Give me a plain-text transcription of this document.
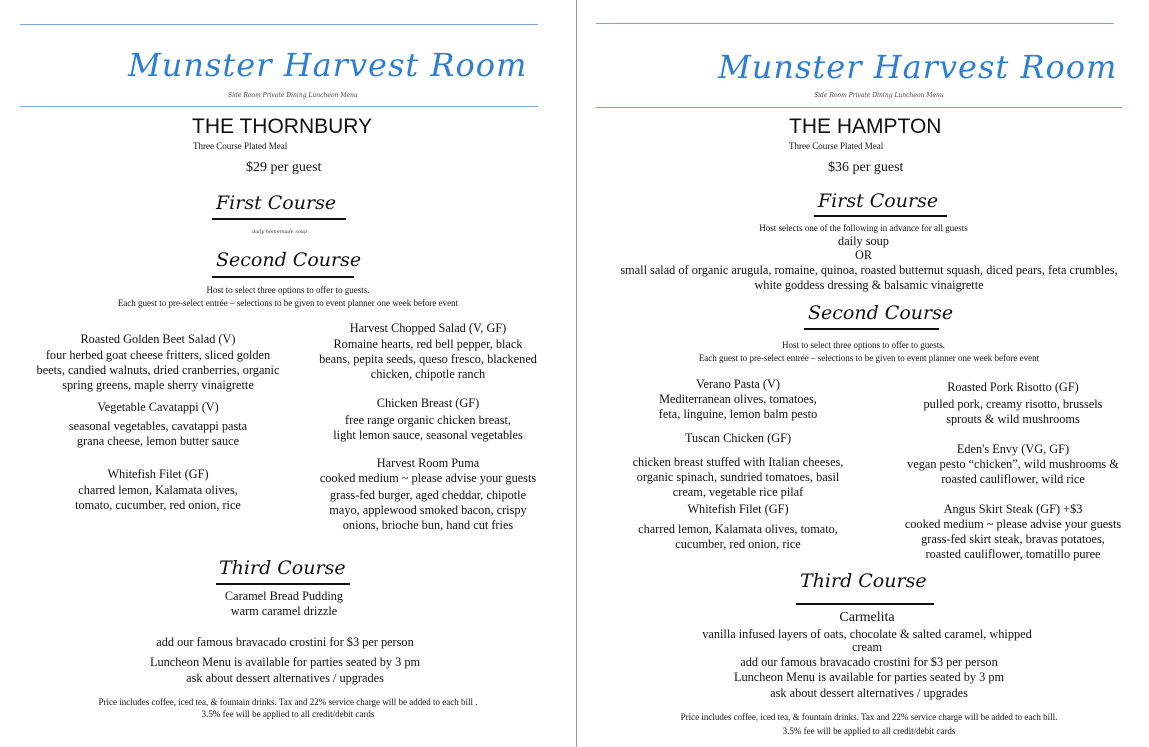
Munster Harvest Room
Side Room Private Dining Luncheon Menu
THE THORNBURY
Three Course Plated Meal
$29 per guest
First Course
daily homemade soup
Second Course
Host to select three options to offer to guests.
Each guest to pre-select entrée – selections to be given to event planner one week before event
Roasted Golden Beet Salad (V)
four herbed goat cheese fritters, sliced golden
beets, candied walnuts, dried cranberries, organic
spring greens, maple sherry vinaigrette
Vegetable Cavatappi (V)
seasonal vegetables, cavatappi pasta
grana cheese, lemon butter sauce
Whitefish Filet (GF)
charred lemon, Kalamata olives,
tomato, cucumber, red onion, rice
Harvest Chopped Salad (V, GF)
Romaine hearts, red bell pepper, black
beans, pepita seeds, queso fresco, blackened
chicken, chipotle ranch
Chicken Breast (GF)
free range organic chicken breast,
light lemon sauce, seasonal vegetables
Harvest Room Puma
cooked medium ~ please advise your guests
grass-fed burger, aged cheddar, chipotle
mayo, applewood smoked bacon, crispy
onions, brioche bun, hand cut fries
Third Course
Caramel Bread Pudding
warm caramel drizzle
add our famous bravacado crostini for $3 per person
Luncheon Menu is available for parties seated by 3 pm
ask about dessert alternatives / upgrades
Price includes coffee, iced tea, & fountain drinks. Tax and 22% service charge will be added to each bill .
3.5% fee will be applied to all credit/debit cards
Munster Harvest Room
Side Room Private Dining Luncheon Menu
THE HAMPTON
Three Course Plated Meal
$36 per guest
First Course
Host selects one of the following in advance for all guests
daily soup
OR
small salad of organic arugula, romaine, quinoa, roasted butternut squash, diced pears, feta crumbles,
white goddess dressing & balsamic vinaigrette
Second Course
Host to select three options to offer to guests.
Each guest to pre-select entrée – selections to be given to event planner one week before event
Verano Pasta (V)
Mediterranean olives, tomatoes,
feta, linguine, lemon balm pesto
Tuscan Chicken (GF)
chicken breast stuffed with Italian cheeses,
organic spinach, sundried tomatoes, basil
cream, vegetable rice pilaf
Whitefish Filet (GF)
charred lemon, Kalamata olives, tomato,
cucumber, red onion, rice
Roasted Pork Risotto (GF)
pulled pork, creamy risotto, brussels
sprouts & wild mushrooms
Eden's Envy (VG, GF)
vegan pesto “chicken”, wild mushrooms &
roasted cauliflower, wild rice
Angus Skirt Steak (GF) +$3
cooked medium ~ please advise your guests
grass-fed skirt steak, bravas potatoes,
roasted cauliflower, tomatillo puree
Third Course
Carmelita
vanilla infused layers of oats, chocolate & salted caramel, whipped
cream
add our famous bravacado crostini for $3 per person
Luncheon Menu is available for parties seated by 3 pm
ask about dessert alternatives / upgrades
Price includes coffee, iced tea, & fountain drinks. Tax and 22% service charge will be added to each bill.
3.5% fee will be applied to all credit/debit cards
